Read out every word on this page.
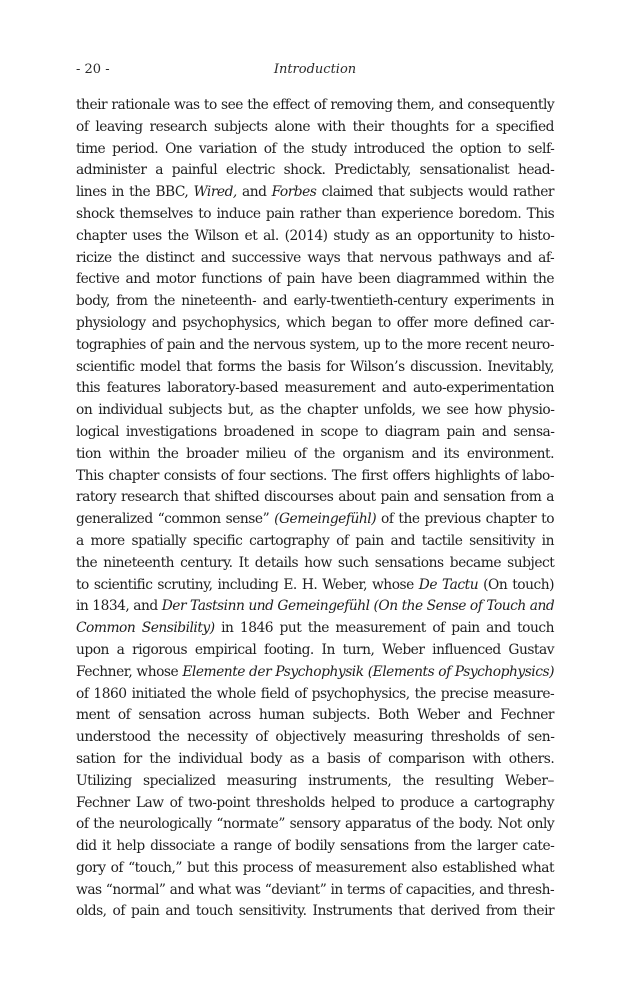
- 20 -	Introduction
their rationale was to see the effect of removing them, and consequently
of leaving research subjects alone with their thoughts for a specified
time period. One variation of the study introduced the option to self-
administer a painful electric shock. Predictably, sensationalist head-
lines in the BBC, Wired, and Forbes claimed that subjects would rather
shock themselves to induce pain rather than experience boredom. This
chapter uses the Wilson et al. (2014) study as an opportunity to histo-
ricize the distinct and successive ways that nervous pathways and af-
fective and motor functions of pain have been diagrammed within the
body, from the nineteenth- and early-twentieth-century experiments in
physiology and psychophysics, which began to offer more defined car-
tographies of pain and the nervous system, up to the more recent neuro-
scientific model that forms the basis for Wilson’s discussion. Inevitably,
this features laboratory-based measurement and auto-experimentation
on individual subjects but, as the chapter unfolds, we see how physio-
logical investigations broadened in scope to diagram pain and sensa-
tion within the broader milieu of the organism and its environment.
This chapter consists of four sections. The first offers highlights of labo-
ratory research that shifted discourses about pain and sensation from a
generalized “common sense” (Gemeingefühl) of the previous chapter to
a more spatially specific cartography of pain and tactile sensitivity in
the nineteenth century. It details how such sensations became subject
to scientific scrutiny, including E. H. Weber, whose De Tactu (On touch)
in 1834, and Der Tastsinn und Gemeingefühl (On the Sense of Touch and
Common Sensibility) in 1846 put the measurement of pain and touch
upon a rigorous empirical footing. In turn, Weber influenced Gustav
Fechner, whose Elemente der Psychophysik (Elements of Psychophysics)
of 1860 initiated the whole field of psychophysics, the precise measure-
ment of sensation across human subjects. Both Weber and Fechner
understood the necessity of objectively measuring thresholds of sen-
sation for the individual body as a basis of comparison with others.
Utilizing specialized measuring instruments, the resulting Weber–
Fechner Law of two-point thresholds helped to produce a cartography
of the neurologically “normate” sensory apparatus of the body. Not only
did it help dissociate a range of bodily sensations from the larger cate-
gory of “touch,” but this process of measurement also established what
was “normal” and what was “deviant” in terms of capacities, and thresh-
olds, of pain and touch sensitivity. Instruments that derived from their
